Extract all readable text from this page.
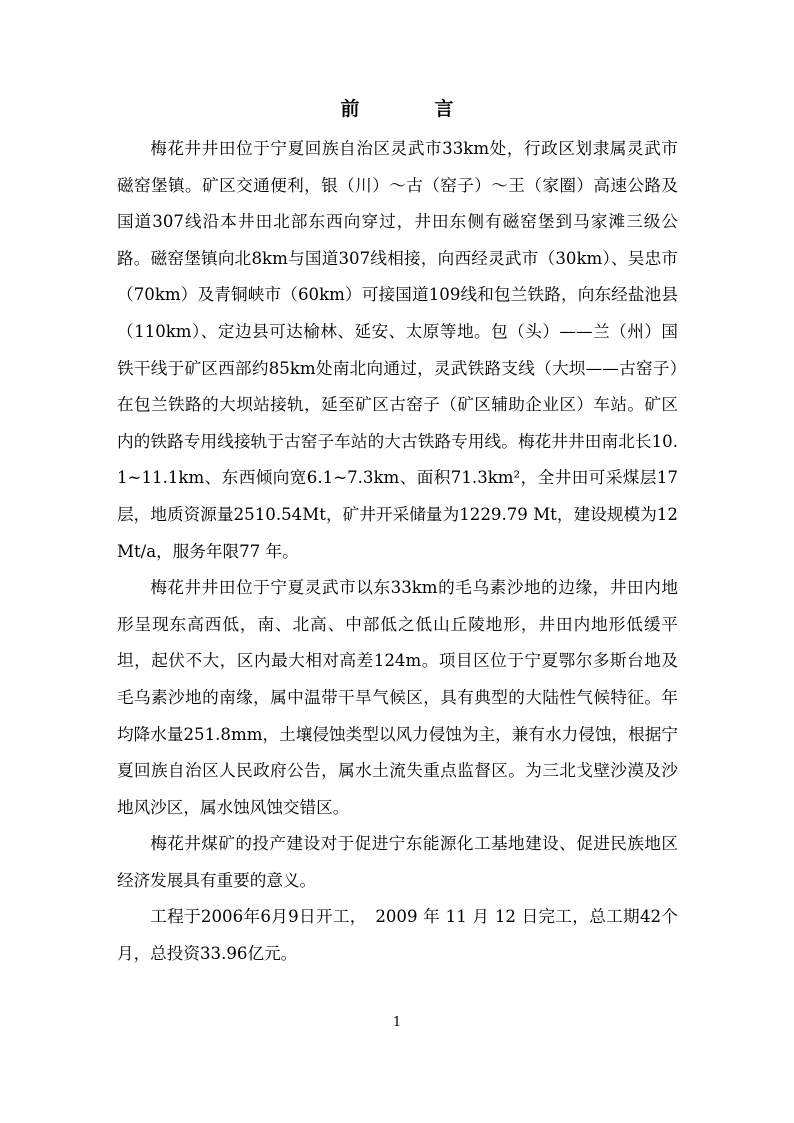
前　言

梅花井井田位于宁夏回族自治区灵武市33km处，行政区划隶属灵武市磁窑堡镇。矿区交通便利，银（川）～古（窑子）～王（家圈）高速公路及国道307线沿本井田北部东西向穿过，井田东侧有磁窑堡到马家滩三级公路。磁窑堡镇向北8km与国道307线相接，向西经灵武市（30km）、吴忠市（70km）及青铜峡市（60km）可接国道109线和包兰铁路，向东经盐池县（110km）、定边县可达榆林、延安、太原等地。包（头）——兰（州）国铁干线于矿区西部约85km处南北向通过，灵武铁路支线（大坝——古窑子）在包兰铁路的大坝站接轨，延至矿区古窑子（矿区辅助企业区）车站。矿区内的铁路专用线接轨于古窑子车站的大古铁路专用线。梅花井井田南北长10.1~11.1km、东西倾向宽6.1~7.3km、面积71.3km²，全井田可采煤层17层，地质资源量2510.54Mt，矿井开采储量为1229.79 Mt，建设规模为12Mt/a，服务年限77 年。

梅花井井田位于宁夏灵武市以东33km的毛乌素沙地的边缘，井田内地形呈现东高西低，南、北高、中部低之低山丘陵地形，井田内地形低缓平坦，起伏不大，区内最大相对高差124m。项目区位于宁夏鄂尔多斯台地及毛乌素沙地的南缘，属中温带干旱气候区，具有典型的大陆性气候特征。年均降水量251.8mm，土壤侵蚀类型以风力侵蚀为主，兼有水力侵蚀，根据宁夏回族自治区人民政府公告，属水土流失重点监督区。为三北戈壁沙漠及沙地风沙区，属水蚀风蚀交错区。

梅花井煤矿的投产建设对于促进宁东能源化工基地建设、促进民族地区经济发展具有重要的意义。

工程于2006年6月9日开工，　2009 年 11 月 12 日完工，总工期42个月，总投资33.96亿元。

1
